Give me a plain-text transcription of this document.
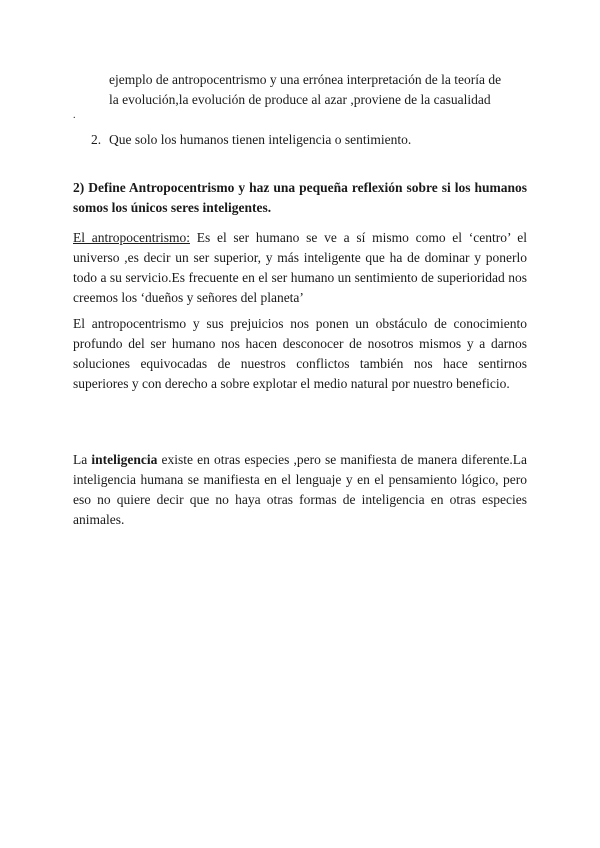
ejemplo de antropocentrismo y una errónea interpretación de la teoría de
la evolución,la evolución de produce al azar ,proviene de la casualidad
.
2. Que solo los humanos tienen inteligencia o sentimiento.
2) Define Antropocentrismo y haz una pequeña reflexión sobre si los humanos somos los únicos seres inteligentes.
El antropocentrismo: Es el ser humano se ve a sí mismo como el ‘centro’ el universo ,es decir un ser superior, y más inteligente que ha de dominar y ponerlo todo a su servicio.Es frecuente en el ser humano un sentimiento de superioridad nos creemos los ‘dueños y señores del planeta’
El antropocentrismo y sus prejuicios nos ponen un obstáculo de conocimiento profundo del ser humano nos hacen desconocer de nosotros mismos y a darnos soluciones equivocadas de nuestros conflictos también nos hace sentirnos superiores y con derecho a sobre explotar el medio natural por nuestro beneficio.
La inteligencia existe en otras especies ,pero se manifiesta de manera diferente.La inteligencia humana se manifiesta en el lenguaje y en el pensamiento lógico, pero eso no quiere decir que no haya otras formas de inteligencia en otras especies animales.
